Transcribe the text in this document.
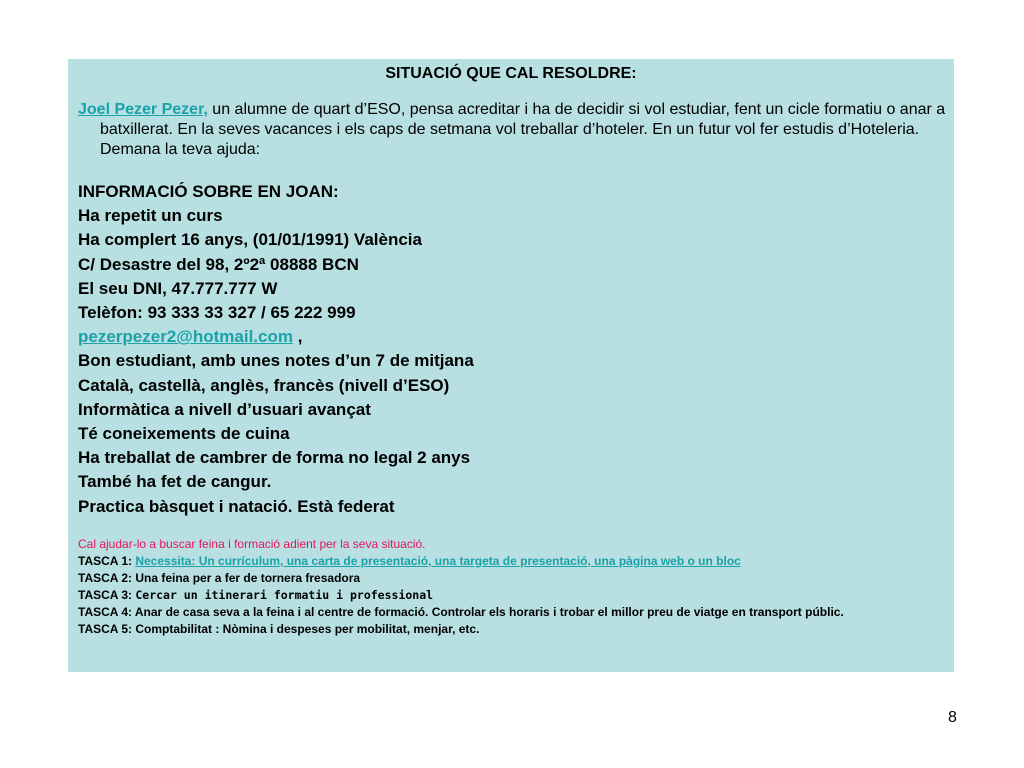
SITUACIÓ QUE CAL RESOLDRE:
Joel Pezer Pezer, un alumne de quart d’ESO, pensa acreditar i ha de decidir si vol estudiar, fent un cicle formatiu o anar a batxillerat. En la seves vacances i els caps de setmana vol treballar d’hoteler. En un futur vol fer estudis d’Hoteleria. Demana la teva ajuda:
INFORMACIÓ SOBRE EN JOAN:
Ha repetit un curs
Ha complert 16 anys, (01/01/1991) València
C/ Desastre del 98, 2º2ª 08888 BCN
El seu DNI, 47.777.777 W
Telèfon: 93 333 33 327 / 65 222 999
pezerpezer2@hotmail.com ,
Bon estudiant, amb unes notes d’un 7 de mitjana
Català, castellà, anglès, francès (nivell d’ESO)
Informàtica a nivell d’usuari avançat
Té coneixements de cuina
Ha treballat de cambrer de forma no legal 2 anys
També ha fet de cangur.
Practica bàsquet i natació. Està federat
Cal ajudar-lo a buscar feina i formació adient per la seva situació.
TASCA 1: Necessita: Un currículum, una carta de presentació, una targeta de presentació, una pàgina web o un bloc
TASCA 2: Una feina per a fer de tornera fresadora
TASCA 3: Cercar un itinerari formatiu i professional
TASCA 4: Anar de casa seva a la feina i al centre de formació. Controlar els horaris i trobar el millor preu de viatge en transport públic.
TASCA 5: Comptabilitat : Nòmina i despeses per mobilitat, menjar, etc.
8
